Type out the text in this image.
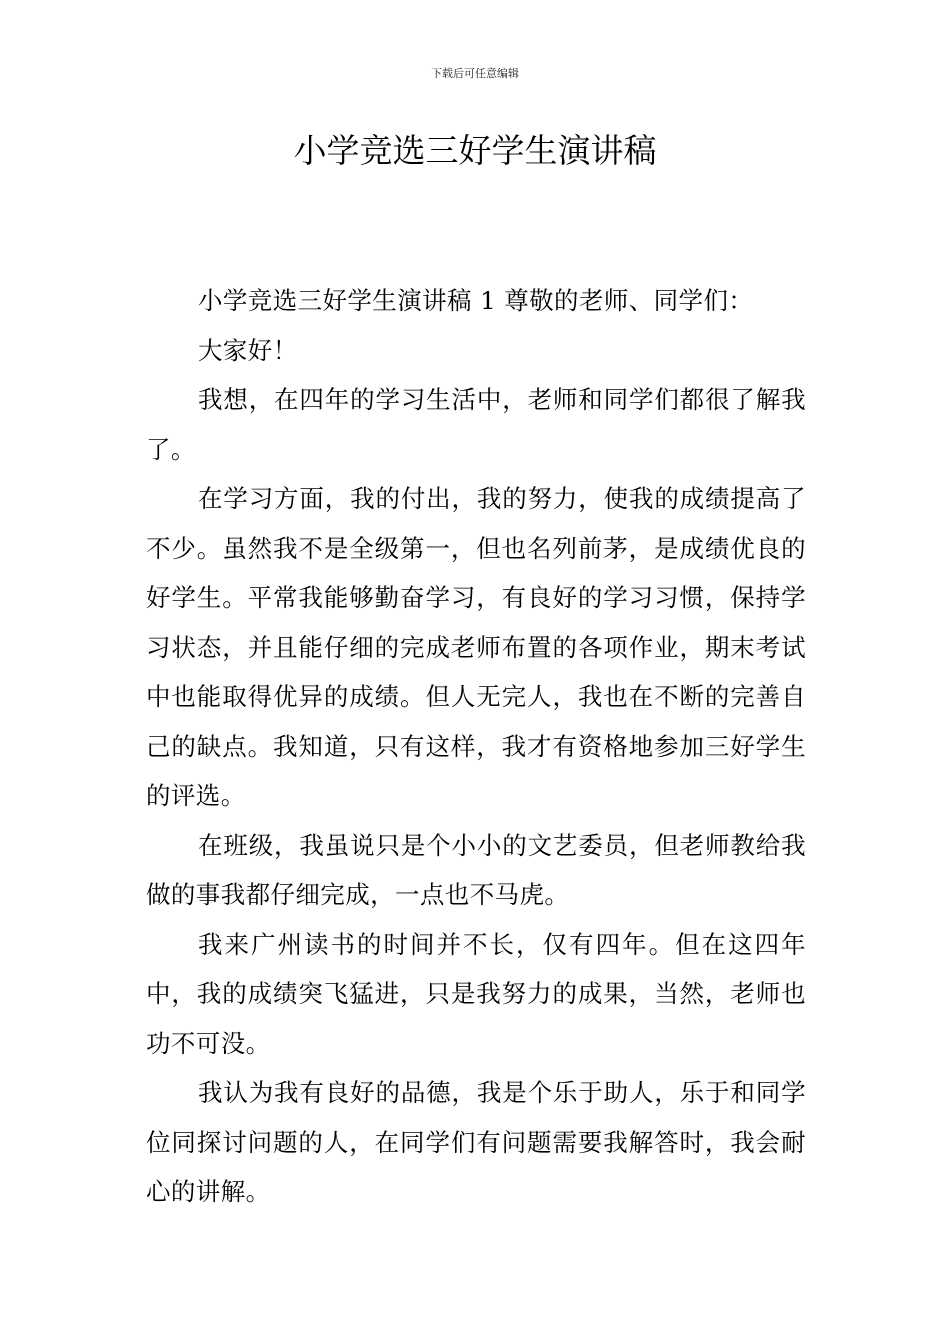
下载后可任意编辑
小学竞选三好学生演讲稿

小学竞选三好学生演讲稿 1 尊敬的老师、同学们：

大家好！

我想，在四年的学习生活中，老师和同学们都很了解我了。

在学习方面，我的付出，我的努力，使我的成绩提高了不少。虽然我不是全级第一，但也名列前茅，是成绩优良的好学生。平常我能够勤奋学习，有良好的学习习惯，保持学习状态，并且能仔细的完成老师布置的各项作业，期末考试中也能取得优异的成绩。但人无完人，我也在不断的完善自己的缺点。我知道，只有这样，我才有资格地参加三好学生的评选。

在班级，我虽说只是个小小的文艺委员，但老师教给我做的事我都仔细完成，一点也不马虎。

我来广州读书的时间并不长，仅有四年。但在这四年中，我的成绩突飞猛进，只是我努力的成果，当然，老师也功不可没。

我认为我有良好的品德，我是个乐于助人，乐于和同学位同探讨问题的人，在同学们有问题需要我解答时，我会耐心的讲解。
